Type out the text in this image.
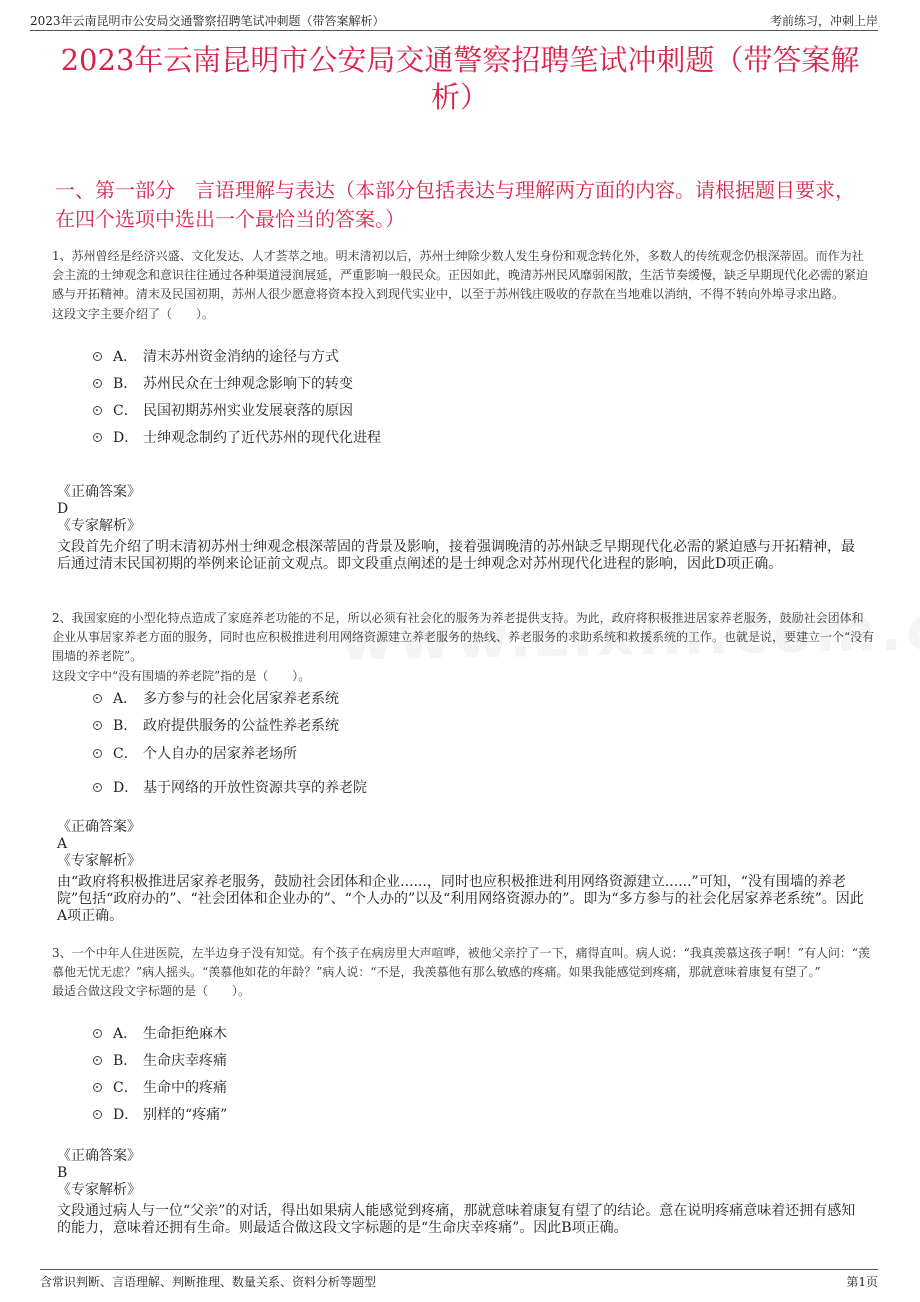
2023年云南昆明市公安局交通警察招聘笔试冲刺题（带答案解析）	考前练习，冲刺上岸
2023年云南昆明市公安局交通警察招聘笔试冲刺题（带答案解析）
一、第一部分　言语理解与表达（本部分包括表达与理解两方面的内容。请根据题目要求，在四个选项中选出一个最恰当的答案。）
1、苏州曾经是经济兴盛、文化发达、人才荟萃之地。明末清初以后，苏州士绅除少数人发生身份和观念转化外，多数人的传统观念仍根深蒂固。而作为社会主流的士绅观念和意识往往通过各种渠道浸润展延，严重影响一般民众。正因如此，晚清苏州民风靡弱闲散，生活节奏缓慢，缺乏早期现代化必需的紧迫感与开拓精神。清末及民国初期，苏州人很少愿意将资本投入到现代实业中，以至于苏州钱庄吸收的存款在当地难以消纳，不得不转向外埠寻求出路。
这段文字主要介绍了（　　）。
A． 清末苏州资金消纳的途径与方式
B． 苏州民众在士绅观念影响下的转变
C． 民国初期苏州实业发展衰落的原因
D． 士绅观念制约了近代苏州的现代化进程
《正确答案》
D
《专家解析》
文段首先介绍了明末清初苏州士绅观念根深蒂固的背景及影响，接着强调晚清的苏州缺乏早期现代化必需的紧迫感与开拓精神，最后通过清末民国初期的举例来论证前文观点。即文段重点阐述的是士绅观念对苏州现代化进程的影响，因此D项正确。
2、我国家庭的小型化特点造成了家庭养老功能的不足，所以必须有社会化的服务为养老提供支持。为此，政府将积极推进居家养老服务，鼓励社会团体和企业从事居家养老方面的服务，同时也应积极推进利用网络资源建立养老服务的热线、养老服务的求助系统和救援系统的工作。也就是说，要建立一个“没有围墙的养老院”。
这段文字中“没有围墙的养老院”指的是（　　）。
A． 多方参与的社会化居家养老系统
B． 政府提供服务的公益性养老系统
C． 个人自办的居家养老场所
D． 基于网络的开放性资源共享的养老院
《正确答案》
A
《专家解析》
由“政府将积极推进居家养老服务，鼓励社会团体和企业......，同时也应积极推进利用网络资源建立......”可知，“没有围墙的养老院”包括“政府办的”、“社会团体和企业办的”、“个人办的”以及“利用网络资源办的”。即为“多方参与的社会化居家养老系统”。因此A项正确。
3、一个中年人住进医院，左半边身子没有知觉。有个孩子在病房里大声喧哗，被他父亲拧了一下，痛得直叫。病人说：“我真羡慕这孩子啊！”有人问：“羡慕他无忧无虑？”病人摇头。“羡慕他如花的年龄？”病人说：“不是，我羡慕他有那么敏感的疼痛。如果我能感觉到疼痛，那就意味着康复有望了。”
最适合做这段文字标题的是（　　）。
A． 生命拒绝麻木
B． 生命庆幸疼痛
C． 生命中的疼痛
D． 别样的“疼痛”
《正确答案》
B
《专家解析》
文段通过病人与一位“父亲”的对话，得出如果病人能感觉到疼痛，那就意味着康复有望了的结论。意在说明疼痛意味着还拥有感知的能力，意味着还拥有生命。则最适合做这段文字标题的是“生命庆幸疼痛”。因此B项正确。
含常识判断、言语理解、判断推理、数量关系、资料分析等题型	第1页
